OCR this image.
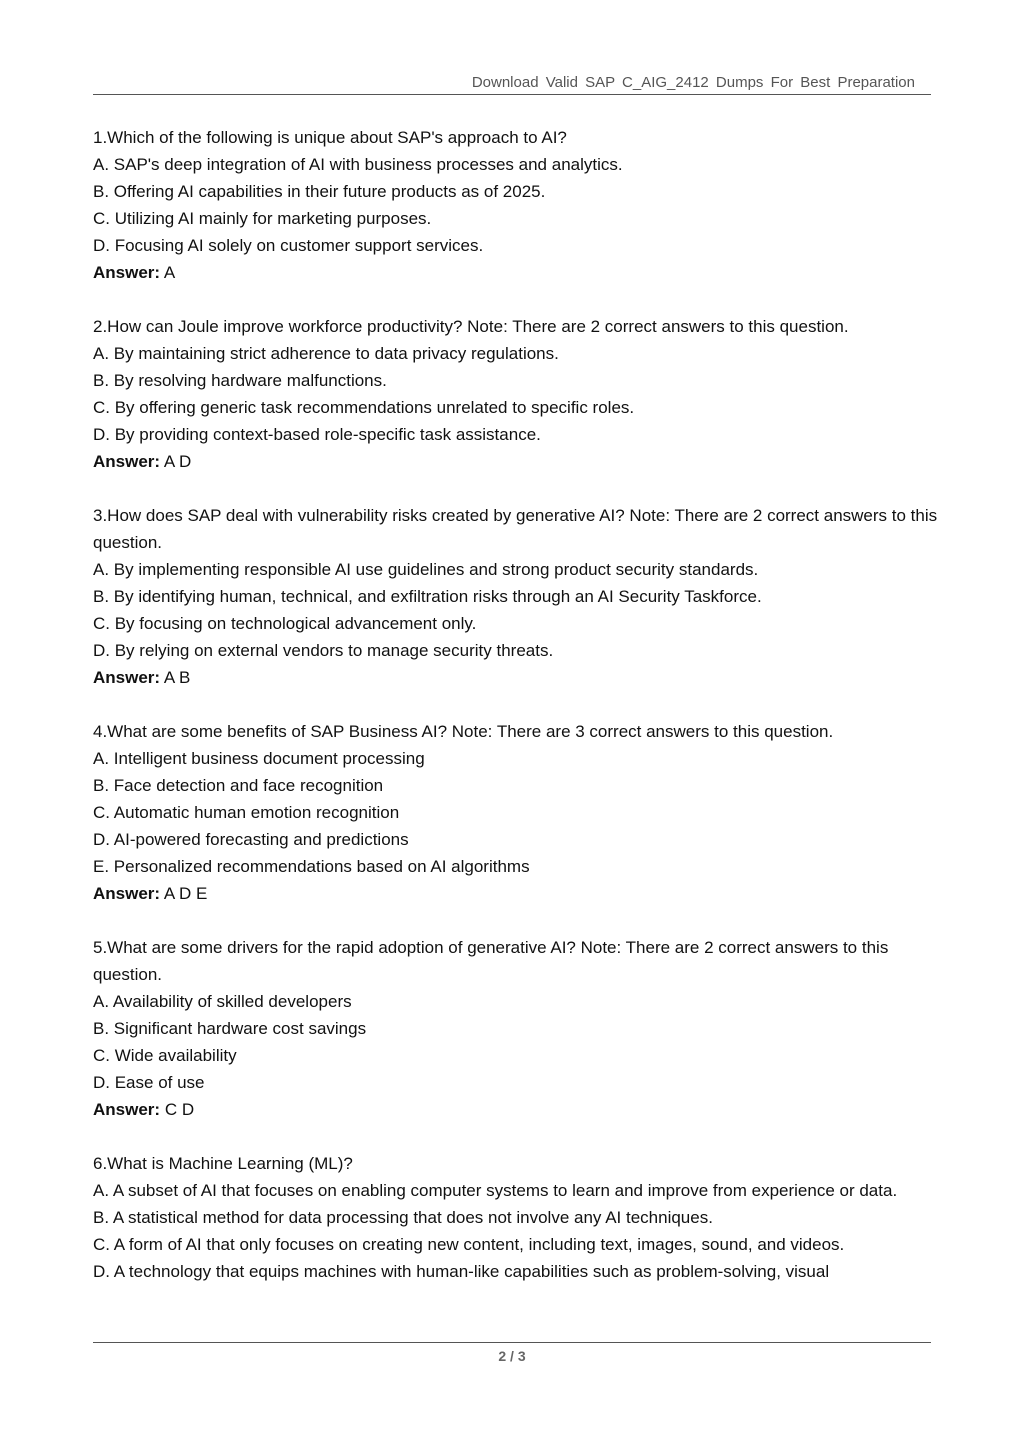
Download Valid SAP C_AIG_2412 Dumps For Best Preparation

1.Which of the following is unique about SAP's approach to AI?

A. SAP's deep integration of AI with business processes and analytics.

B. Offering AI capabilities in their future products as of 2025.

C. Utilizing AI mainly for marketing purposes.

D. Focusing AI solely on customer support services.

Answer: A

2.How can Joule improve workforce productivity? Note: There are 2 correct answers to this question.

A. By maintaining strict adherence to data privacy regulations.

B. By resolving hardware malfunctions.

C. By offering generic task recommendations unrelated to specific roles.

D. By providing context-based role-specific task assistance.

Answer: A D

3.How does SAP deal with vulnerability risks created by generative AI? Note: There are 2 correct answers to this question.

A. By implementing responsible AI use guidelines and strong product security standards.

B. By identifying human, technical, and exfiltration risks through an AI Security Taskforce.

C. By focusing on technological advancement only.

D. By relying on external vendors to manage security threats.

Answer: A B

4.What are some benefits of SAP Business AI? Note: There are 3 correct answers to this question.

A. Intelligent business document processing

B. Face detection and face recognition

C. Automatic human emotion recognition

D. AI-powered forecasting and predictions

E. Personalized recommendations based on AI algorithms

Answer: A D E

5.What are some drivers for the rapid adoption of generative AI? Note: There are 2 correct answers to this question.

A. Availability of skilled developers

B. Significant hardware cost savings

C. Wide availability

D. Ease of use

Answer: C D

6.What is Machine Learning (ML)?

A. A subset of AI that focuses on enabling computer systems to learn and improve from experience or data.

B. A statistical method for data processing that does not involve any AI techniques.

C. A form of AI that only focuses on creating new content, including text, images, sound, and videos.

D. A technology that equips machines with human-like capabilities such as problem-solving, visual

2 / 3
